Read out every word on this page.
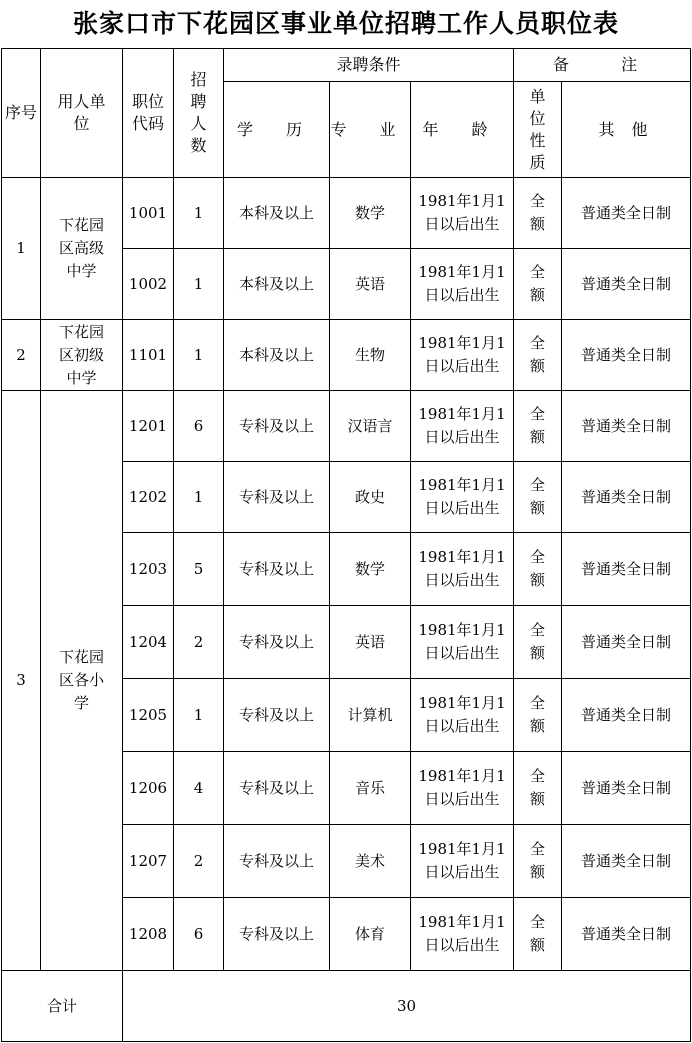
张家口市下花园区事业单位招聘工作人员职位表
序号	用人单位	职位代码	招聘人数	录聘条件			备  注	
				学 历	专 业	年 龄	单位性质	其 他
1	下花园区高级中学	1001	1	本科及以上	数学	1981年1月1日以后出生	全额	普通类全日制
		1002	1	本科及以上	英语	1981年1月1日以后出生	全额	普通类全日制
2	下花园区初级中学	1101	1	本科及以上	生物	1981年1月1日以后出生	全额	普通类全日制
3	下花园区各小学	1201	6	专科及以上	汉语言	1981年1月1日以后出生	全额	普通类全日制
		1202	1	专科及以上	政史	1981年1月1日以后出生	全额	普通类全日制
		1203	5	专科及以上	数学	1981年1月1日以后出生	全额	普通类全日制
		1204	2	专科及以上	英语	1981年1月1日以后出生	全额	普通类全日制
		1205	1	专科及以上	计算机	1981年1月1日以后出生	全额	普通类全日制
		1206	4	专科及以上	音乐	1981年1月1日以后出生	全额	普通类全日制
		1207	2	专科及以上	美术	1981年1月1日以后出生	全额	普通类全日制
		1208	6	专科及以上	体育	1981年1月1日以后出生	全额	普通类全日制
合计		30						
